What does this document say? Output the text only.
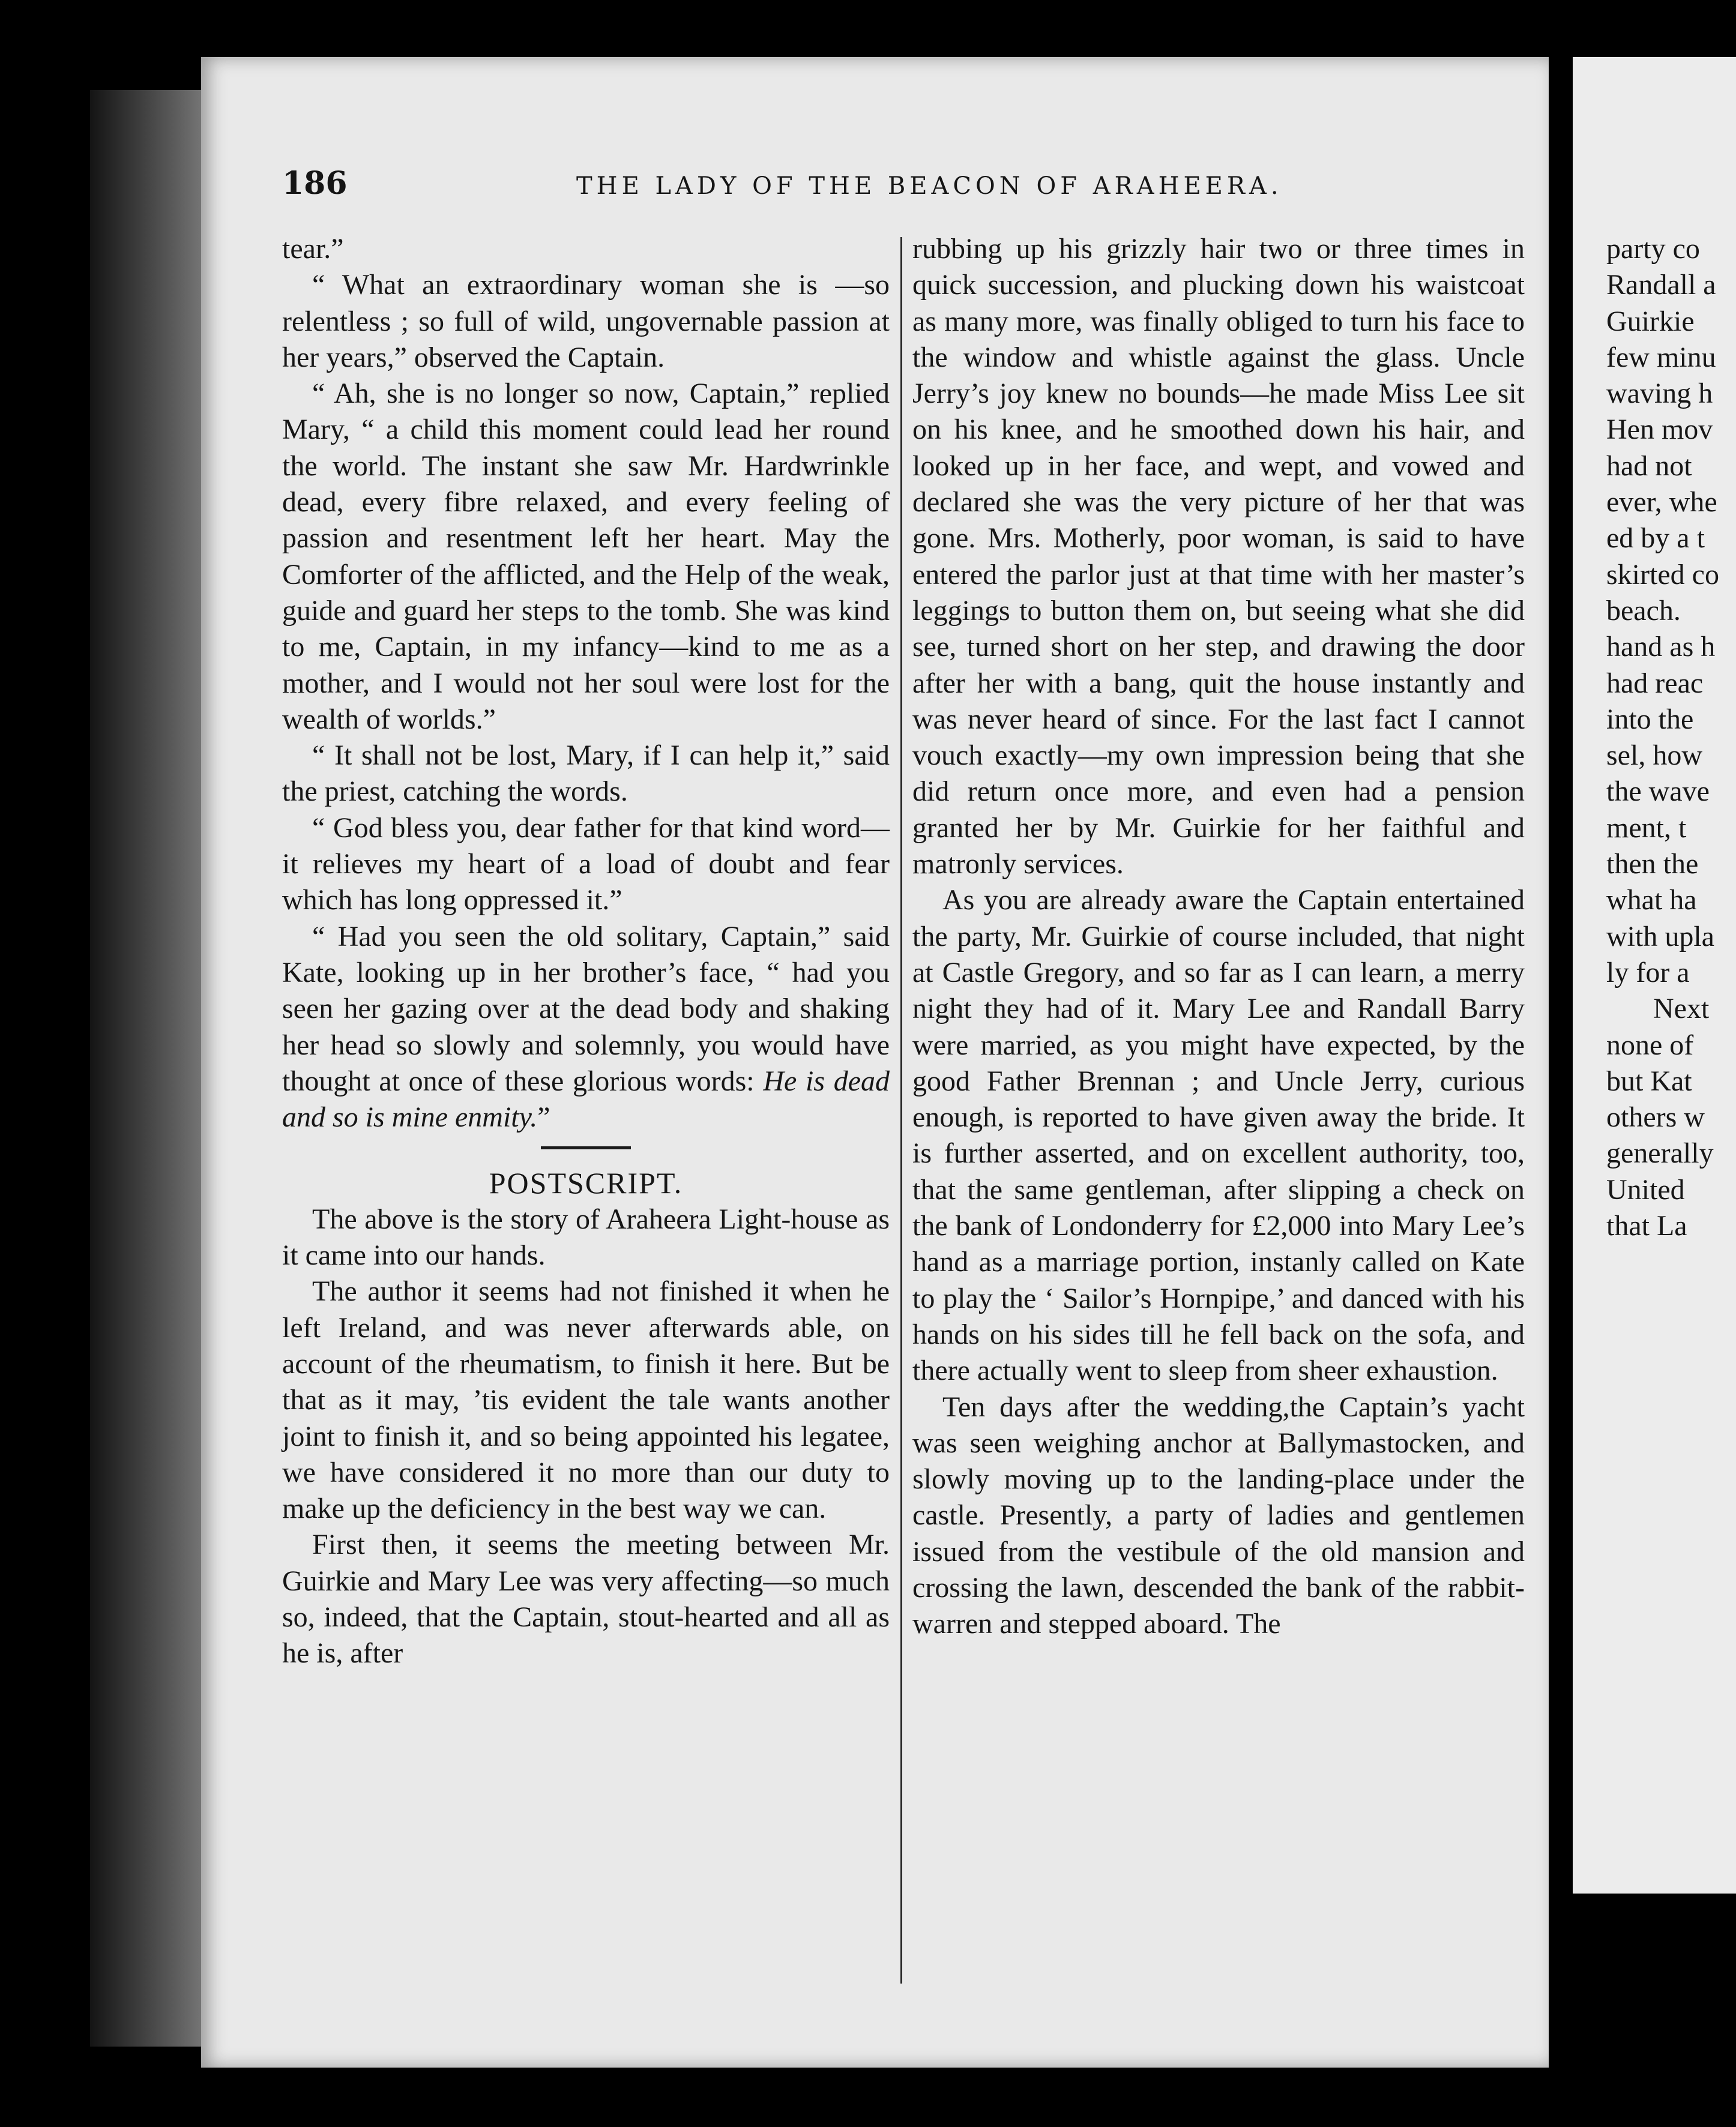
186	THE LADY OF THE BEACON OF ARAHEERA.

tear.”

“ What an extraordinary woman she is —so relentless ; so full of wild, ungovernable passion at her years,” observed the Captain.

“ Ah, she is no longer so now, Captain,” replied Mary, “ a child this moment could lead her round the world. The instant she saw Mr. Hardwrinkle dead, every fibre relaxed, and every feeling of passion and resentment left her heart. May the Comforter of the afflicted, and the Help of the weak, guide and guard her steps to the tomb. She was kind to me, Captain, in my infancy—kind to me as a mother, and I would not her soul were lost for the wealth of worlds.”

“ It shall not be lost, Mary, if I can help it,” said the priest, catching the words.

“ God bless you, dear father for that kind word—it relieves my heart of a load of doubt and fear which has long oppressed it.”

“ Had you seen the old solitary, Captain,” said Kate, looking up in her brother’s face, “ had you seen her gazing over at the dead body and shaking her head so slowly and solemnly, you would have thought at once of these glorious words: He is dead and so is mine enmity.”

POSTSCRIPT.

The above is the story of Araheera Light-house as it came into our hands.

The author it seems had not finished it when he left Ireland, and was never afterwards able, on account of the rheumatism, to finish it here. But be that as it may, ’tis evident the tale wants another joint to finish it, and so being appointed his legatee, we have considered it no more than our duty to make up the deficiency in the best way we can.

First then, it seems the meeting between Mr. Guirkie and Mary Lee was very affecting—so much so, indeed, that the Captain, stout-hearted and all as he is, after

rubbing up his grizzly hair two or three times in quick succession, and plucking down his waistcoat as many more, was finally obliged to turn his face to the window and whistle against the glass. Uncle Jerry’s joy knew no bounds—he made Miss Lee sit on his knee, and he smoothed down his hair, and looked up in her face, and wept, and vowed and declared she was the very picture of her that was gone. Mrs. Motherly, poor woman, is said to have entered the parlor just at that time with her master’s leggings to button them on, but seeing what she did see, turned short on her step, and drawing the door after her with a bang, quit the house instantly and was never heard of since. For the last fact I cannot vouch exactly—my own impression being that she did return once more, and even had a pension granted her by Mr. Guirkie for her faithful and matronly services.

As you are already aware the Captain entertained the party, Mr. Guirkie of course included, that night at Castle Gregory, and so far as I can learn, a merry night they had of it. Mary Lee and Randall Barry were married, as you might have expected, by the good Father Brennan ; and Uncle Jerry, curious enough, is reported to have given away the bride. It is further asserted, and on excellent authority, too, that the same gentleman, after slipping a check on the bank of Londonderry for £2,000 into Mary Lee’s hand as a marriage portion, instanly called on Kate to play the ‘ Sailor’s Hornpipe,’ and danced with his hands on his sides till he fell back on the sofa, and there actually went to sleep from sheer exhaustion.

Ten days after the wedding,the Captain’s yacht was seen weighing anchor at Ballymastocken, and slowly moving up to the landing-place under the castle. Presently, a party of ladies and gentlemen issued from the vestibule of the old mansion and crossing the lawn, descended the bank of the rabbit-warren and stepped aboard. The

party co
Randall a
Guirkie
few minu
waving h
Hen mov
had not
ever, whe
ed by a t
skirted co
beach.
hand as h
had reac
into the
sel, how
the wave
ment, t
then the
what ha
with upla
ly for a
Next
none of
but Kat
others w
generally
United
that La
